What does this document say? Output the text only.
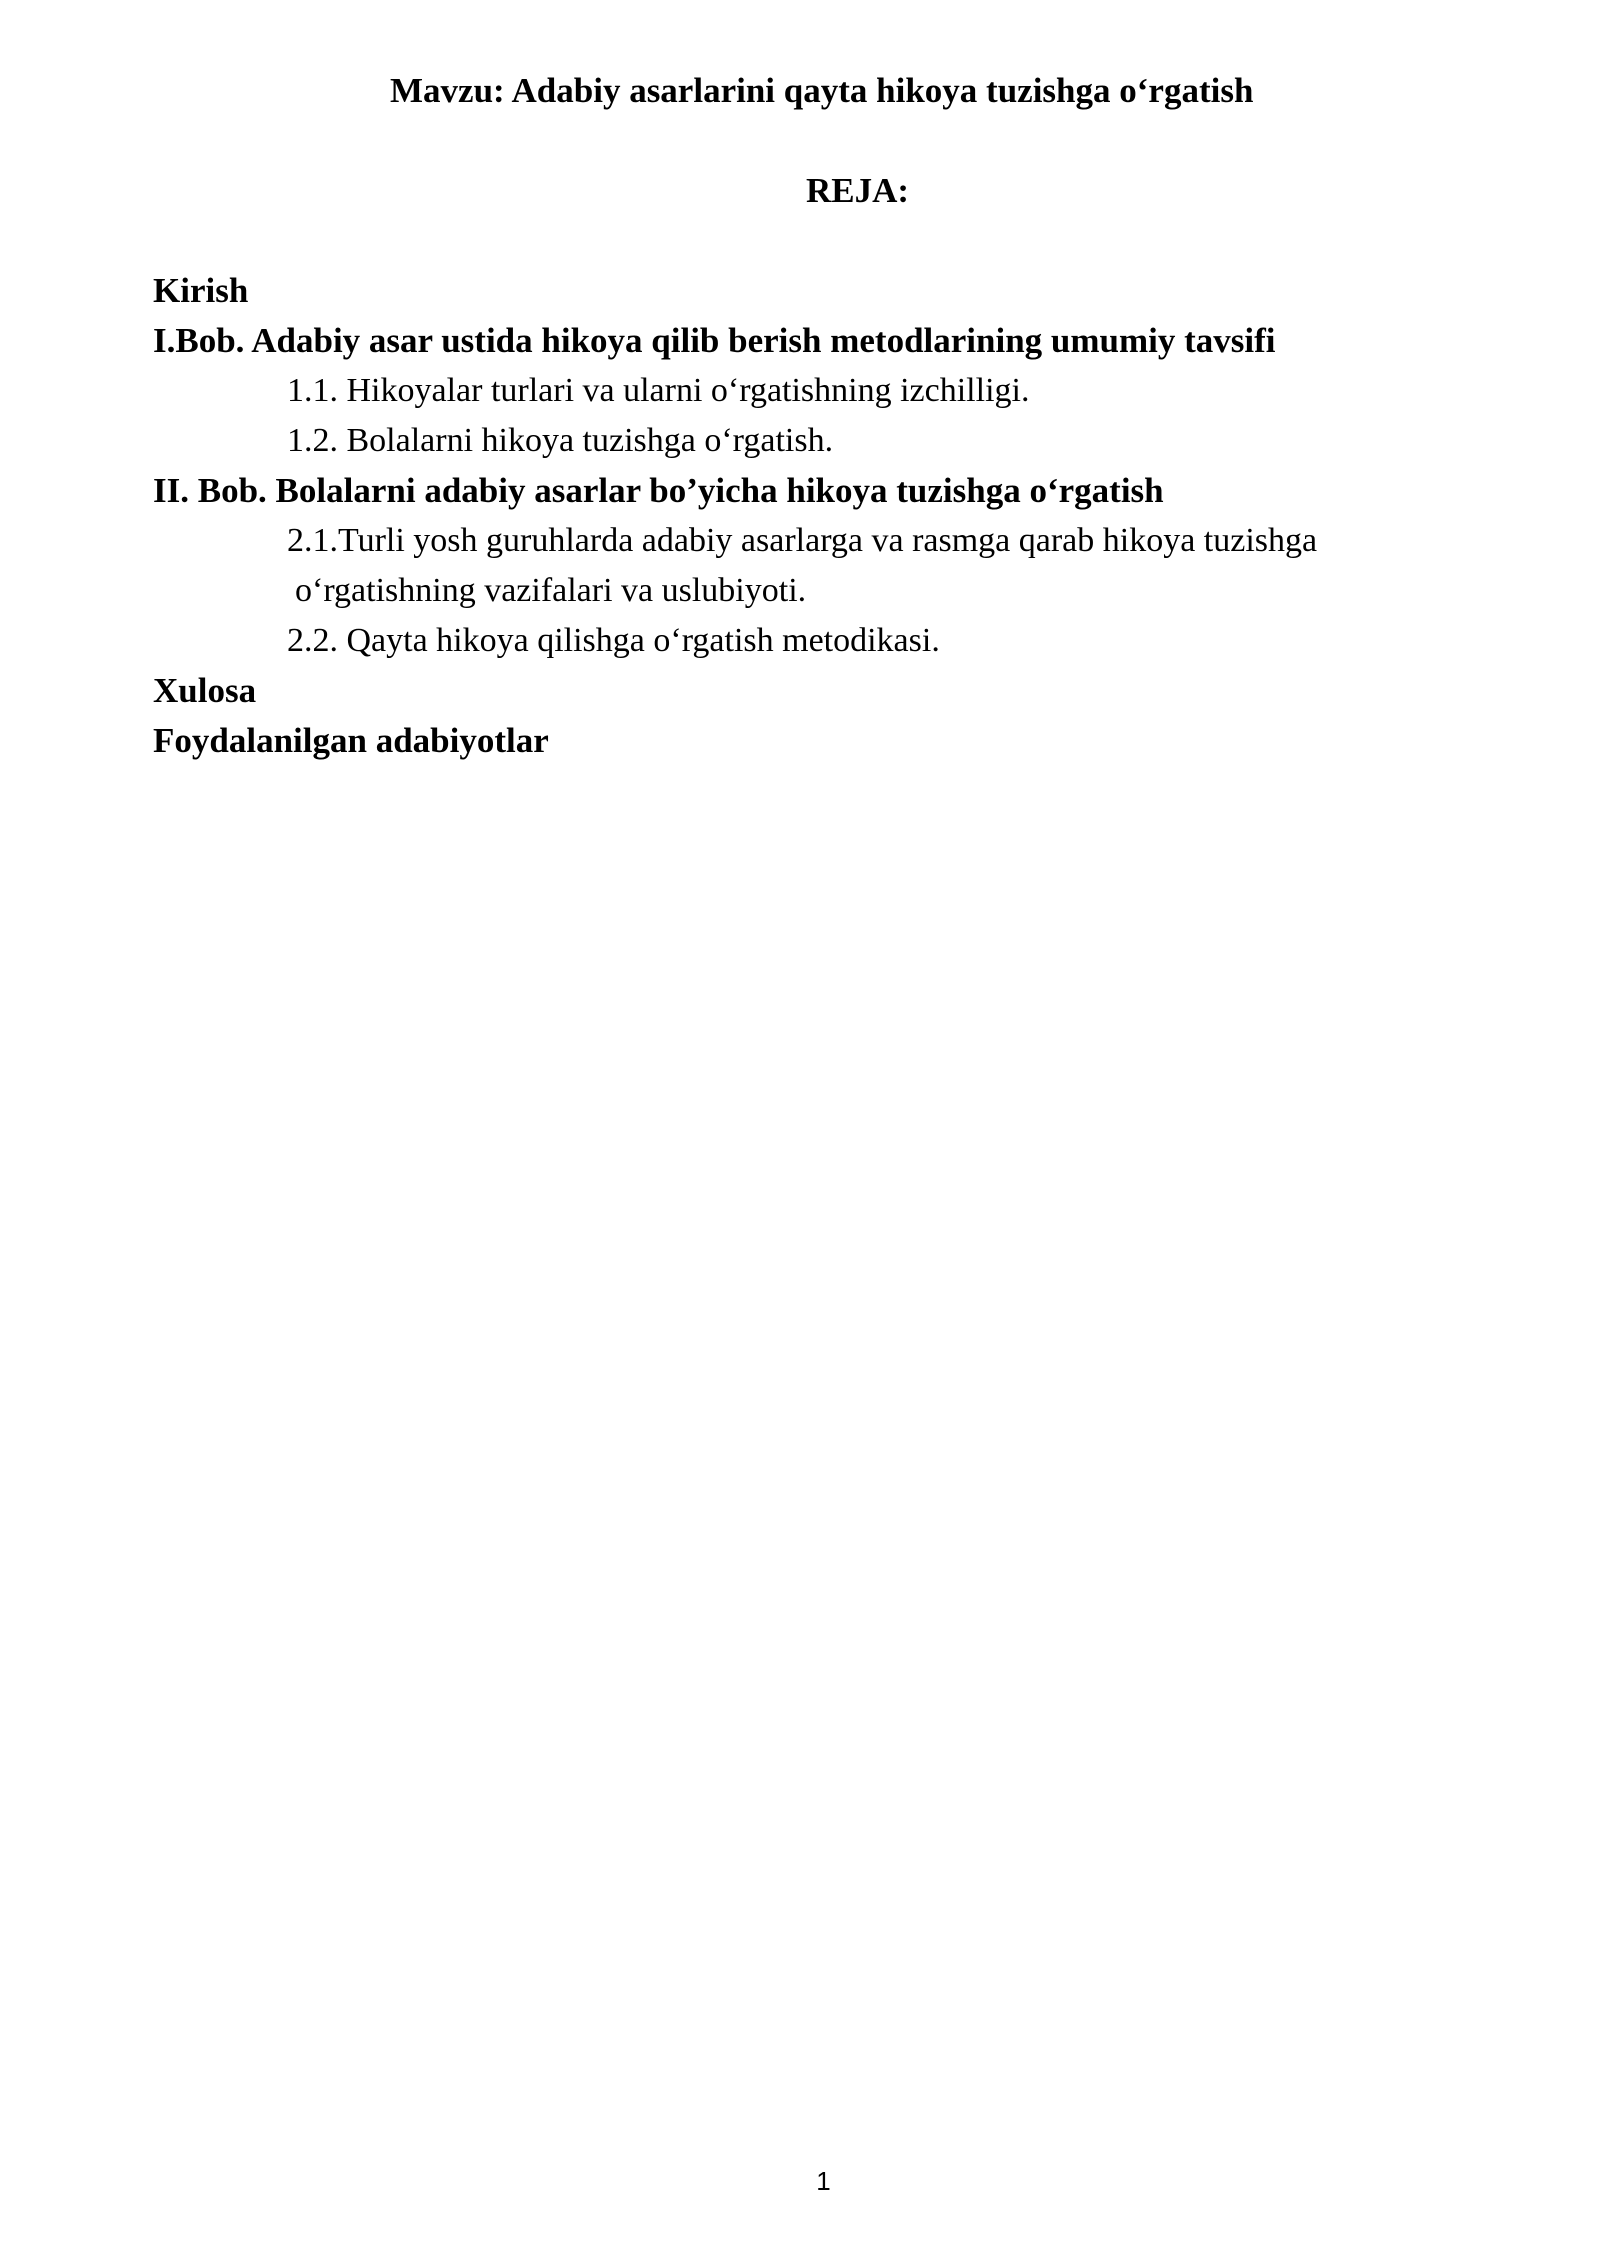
Mavzu: Adabiy asarlarini qayta hikoya tuzishga o‘rgatish
REJA:
Kirish
I.Bob. Adabiy asar ustida hikoya qilib berish metodlarining umumiy tavsifi
1.1. Hikoyalar turlari va ularni o‘rgatishning izchilligi.
1.2. Bolalarni hikoya tuzishga o‘rgatish.
II. Bob. Bolalarni adabiy asarlar bo’yicha hikoya tuzishga o‘rgatish
2.1.Turli yosh guruhlarda adabiy asarlarga va rasmga qarab hikoya tuzishga
o‘rgatishning vazifalari va uslubiyoti.
2.2. Qayta hikoya qilishga o‘rgatish metodikasi.
Xulosa
Foydalanilgan adabiyotlar
1
